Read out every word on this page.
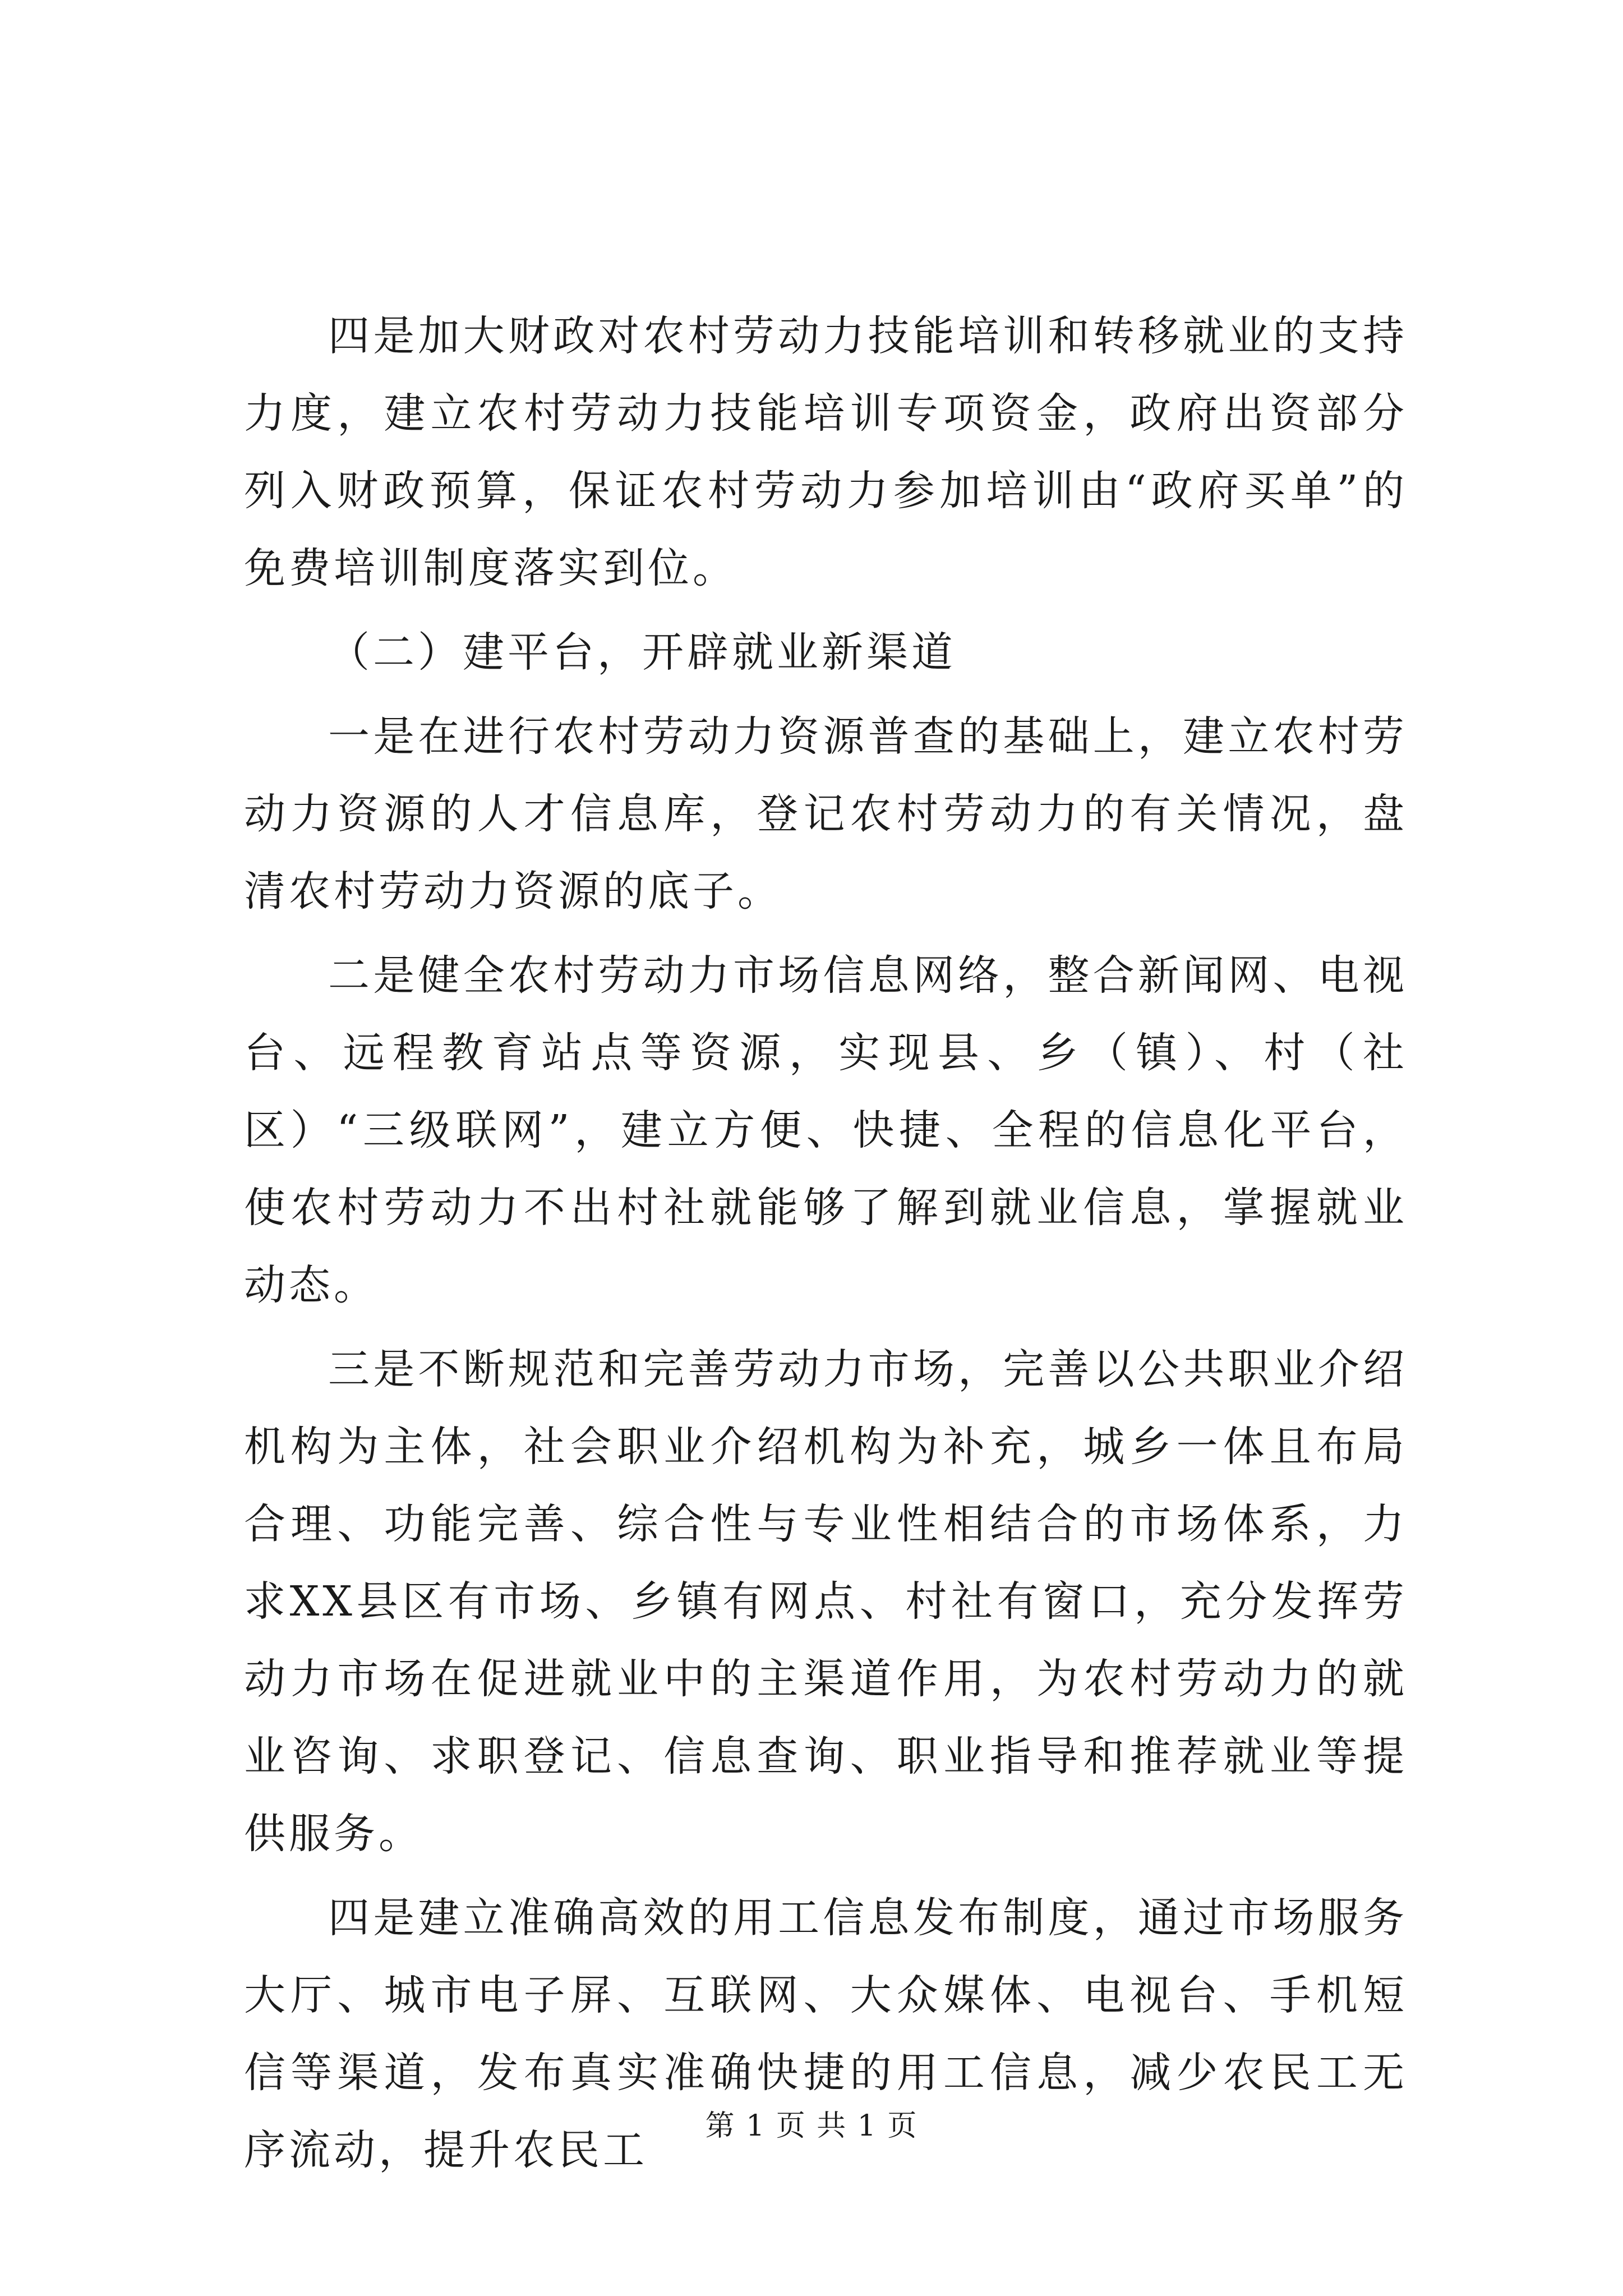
四是加大财政对农村劳动力技能培训和转移就业的支持力度，建立农村劳动力技能培训专项资金，政府出资部分列入财政预算，保证农村劳动力参加培训由“政府买单”的免费培训制度落实到位。

（二）建平台，开辟就业新渠道

一是在进行农村劳动力资源普查的基础上，建立农村劳动力资源的人才信息库，登记农村劳动力的有关情况，盘清农村劳动力资源的底子。

二是健全农村劳动力市场信息网络，整合新闻网、电视台、远程教育站点等资源，实现县、乡（镇）、村（社区）“三级联网”，建立方便、快捷、全程的信息化平台，使农村劳动力不出村社就能够了解到就业信息，掌握就业动态。

三是不断规范和完善劳动力市场，完善以公共职业介绍机构为主体，社会职业介绍机构为补充，城乡一体且布局合理、功能完善、综合性与专业性相结合的市场体系，力求XX县区有市场、乡镇有网点、村社有窗口，充分发挥劳动力市场在促进就业中的主渠道作用，为农村劳动力的就业咨询、求职登记、信息查询、职业指导和推荐就业等提供服务。

四是建立准确高效的用工信息发布制度，通过市场服务大厅、城市电子屏、互联网、大众媒体、电视台、手机短信等渠道，发布真实准确快捷的用工信息，减少农民工无序流动，提升农民工	第 1 页 共 1 页
